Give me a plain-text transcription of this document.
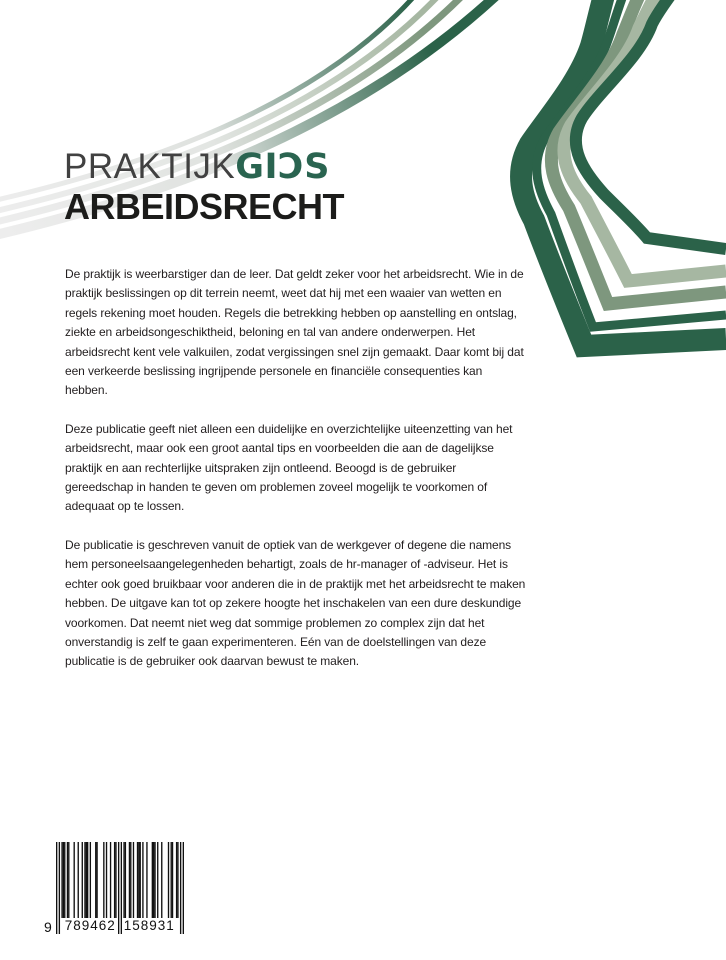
PRAKTIJKGIƆS
ARBEIDSRECHT

De praktijk is weerbarstiger dan de leer. Dat geldt zeker voor het arbeidsrecht. Wie in de praktijk beslissingen op dit terrein neemt, weet dat hij met een waaier van wetten en regels rekening moet houden. Regels die betrekking hebben op aanstelling en ontslag, ziekte en arbeidsongeschiktheid, beloning en tal van andere onderwerpen. Het arbeidsrecht kent vele valkuilen, zodat vergissingen snel zijn gemaakt. Daar komt bij dat een verkeerde beslissing ingrijpende personele en financiële consequenties kan hebben.

Deze publicatie geeft niet alleen een duidelijke en overzichtelijke uiteenzetting van het arbeidsrecht, maar ook een groot aantal tips en voorbeelden die aan de dagelijkse praktijk en aan rechterlijke uitspraken zijn ontleend. Beoogd is de gebruiker gereedschap in handen te geven om problemen zoveel mogelijk te voorkomen of adequaat op te lossen.

De publicatie is geschreven vanuit de optiek van de werkgever of degene die namens hem personeelsaangelegenheden behartigt, zoals de hr-manager of -adviseur. Het is echter ook goed bruikbaar voor anderen die in de praktijk met het arbeidsrecht te maken hebben. De uitgave kan tot op zekere hoogte het inschakelen van een dure deskundige voorkomen. Dat neemt niet weg dat sommige problemen zo complex zijn dat het onverstandig is zelf te gaan experimenteren. Eén van de doelstellingen van deze publicatie is de gebruiker ook daarvan bewust te maken.

9 789462 158931
